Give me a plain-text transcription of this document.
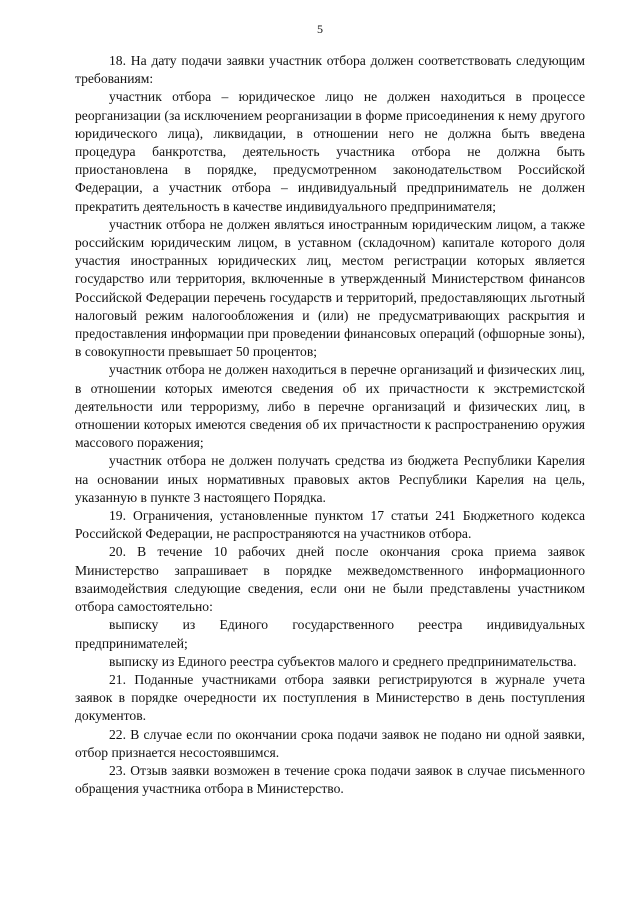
5

18. На дату подачи заявки участник отбора должен соответствовать следующим требованиям:

участник отбора – юридическое лицо не должен находиться в процессе реорганизации (за исключением реорганизации в форме присоединения к нему другого юридического лица), ликвидации, в отношении него не должна быть введена процедура банкротства, деятельность участника отбора не должна быть приостановлена в порядке, предусмотренном законодательством Российской Федерации, а участник отбора – индивидуальный предприниматель не должен прекратить деятельность в качестве индивидуального предпринимателя;

участник отбора не должен являться иностранным юридическим лицом, а также российским юридическим лицом, в уставном (складочном) капитале которого доля участия иностранных юридических лиц, местом регистрации которых является государство или территория, включенные в утвержденный Министерством финансов Российской Федерации перечень государств и территорий, предоставляющих льготный налоговый режим налогообложения и (или) не предусматривающих раскрытия и предоставления информации при проведении финансовых операций (офшорные зоны), в совокупности превышает 50 процентов;

участник отбора не должен находиться в перечне организаций и физических лиц, в отношении которых имеются сведения об их причастности к экстремистской деятельности или терроризму, либо в перечне организаций и физических лиц, в отношении которых имеются сведения об их причастности к распространению оружия массового поражения;

участник отбора не должен получать средства из бюджета Республики Карелия на основании иных нормативных правовых актов Республики Карелия на цель, указанную в пункте 3 настоящего Порядка.

19. Ограничения, установленные пунктом 17 статьи 241 Бюджетного кодекса Российской Федерации, не распространяются на участников отбора.

20. В течение 10 рабочих дней после окончания срока приема заявок Министерство запрашивает в порядке межведомственного информационного взаимодействия следующие сведения, если они не были представлены участником отбора самостоятельно:

выписку из Единого государственного реестра индивидуальных предпринимателей;

выписку из Единого реестра субъектов малого и среднего предпринимательства.

21. Поданные участниками отбора заявки регистрируются в журнале учета заявок в порядке очередности их поступления в Министерство в день поступления документов.

22. В случае если по окончании срока подачи заявок не подано ни одной заявки, отбор признается несостоявшимся.

23. Отзыв заявки возможен в течение срока подачи заявок в случае письменного обращения участника отбора в Министерство.
